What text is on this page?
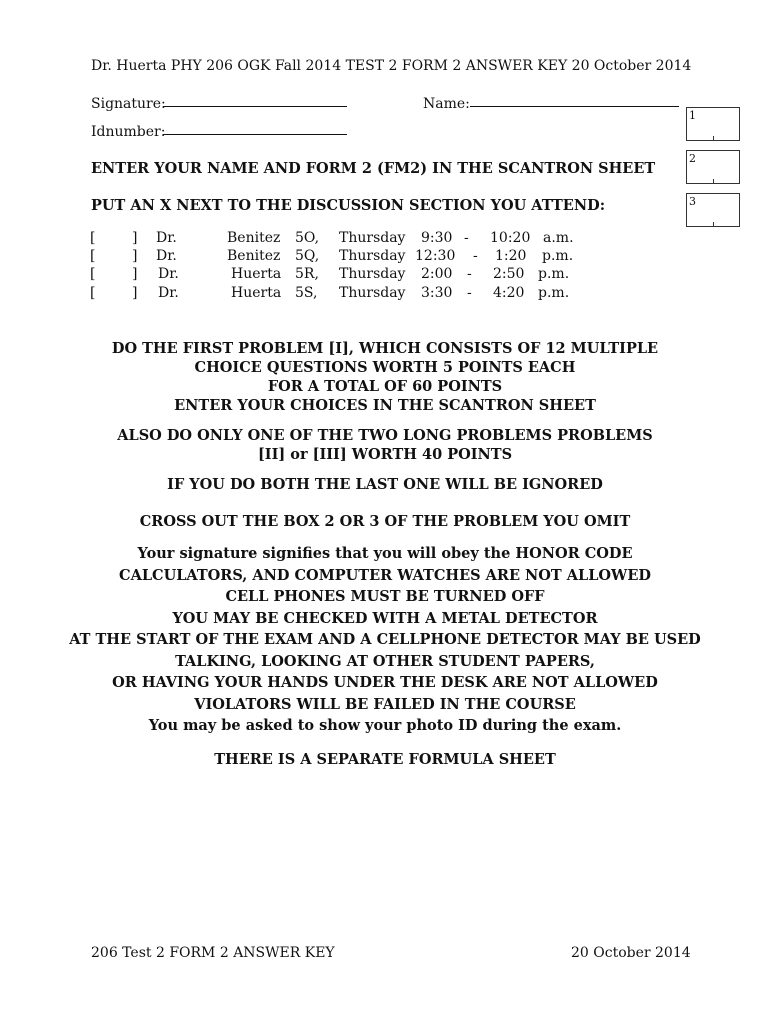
Dr. Huerta PHY 206 OGK Fall 2014 TEST 2 FORM 2 ANSWER KEY 20 October 2014
Signature:	Name:
Idnumber:
1
2
3
ENTER YOUR NAME AND FORM 2 (FM2) IN THE SCANTRON SHEET
PUT AN X NEXT TO THE DISCUSSION SECTION YOU ATTEND:
[	] Dr.	Benitez 5O, Thursday 9:30 - 10:20 a.m.
[	] Dr.	Benitez 5Q, Thursday 12:30 - 1:20 p.m.
[	] Dr.	Huerta 5R, Thursday 2:00 - 2:50 p.m.
[	] Dr.	Huerta 5S, Thursday 3:30 - 4:20 p.m.
DO THE FIRST PROBLEM [I], WHICH CONSISTS OF 12 MULTIPLE
CHOICE QUESTIONS WORTH 5 POINTS EACH
FOR A TOTAL OF 60 POINTS
ENTER YOUR CHOICES IN THE SCANTRON SHEET
ALSO DO ONLY ONE OF THE TWO LONG PROBLEMS PROBLEMS
[II] or [III] WORTH 40 POINTS
IF YOU DO BOTH THE LAST ONE WILL BE IGNORED
CROSS OUT THE BOX 2 OR 3 OF THE PROBLEM YOU OMIT
Your signature signifies that you will obey the HONOR CODE
CALCULATORS, AND COMPUTER WATCHES ARE NOT ALLOWED
CELL PHONES MUST BE TURNED OFF
YOU MAY BE CHECKED WITH A METAL DETECTOR
AT THE START OF THE EXAM AND A CELLPHONE DETECTOR MAY BE USED
TALKING, LOOKING AT OTHER STUDENT PAPERS,
OR HAVING YOUR HANDS UNDER THE DESK ARE NOT ALLOWED
VIOLATORS WILL BE FAILED IN THE COURSE
You may be asked to show your photo ID during the exam.
THERE IS A SEPARATE FORMULA SHEET
206 Test 2 FORM 2 ANSWER KEY	20 October 2014
